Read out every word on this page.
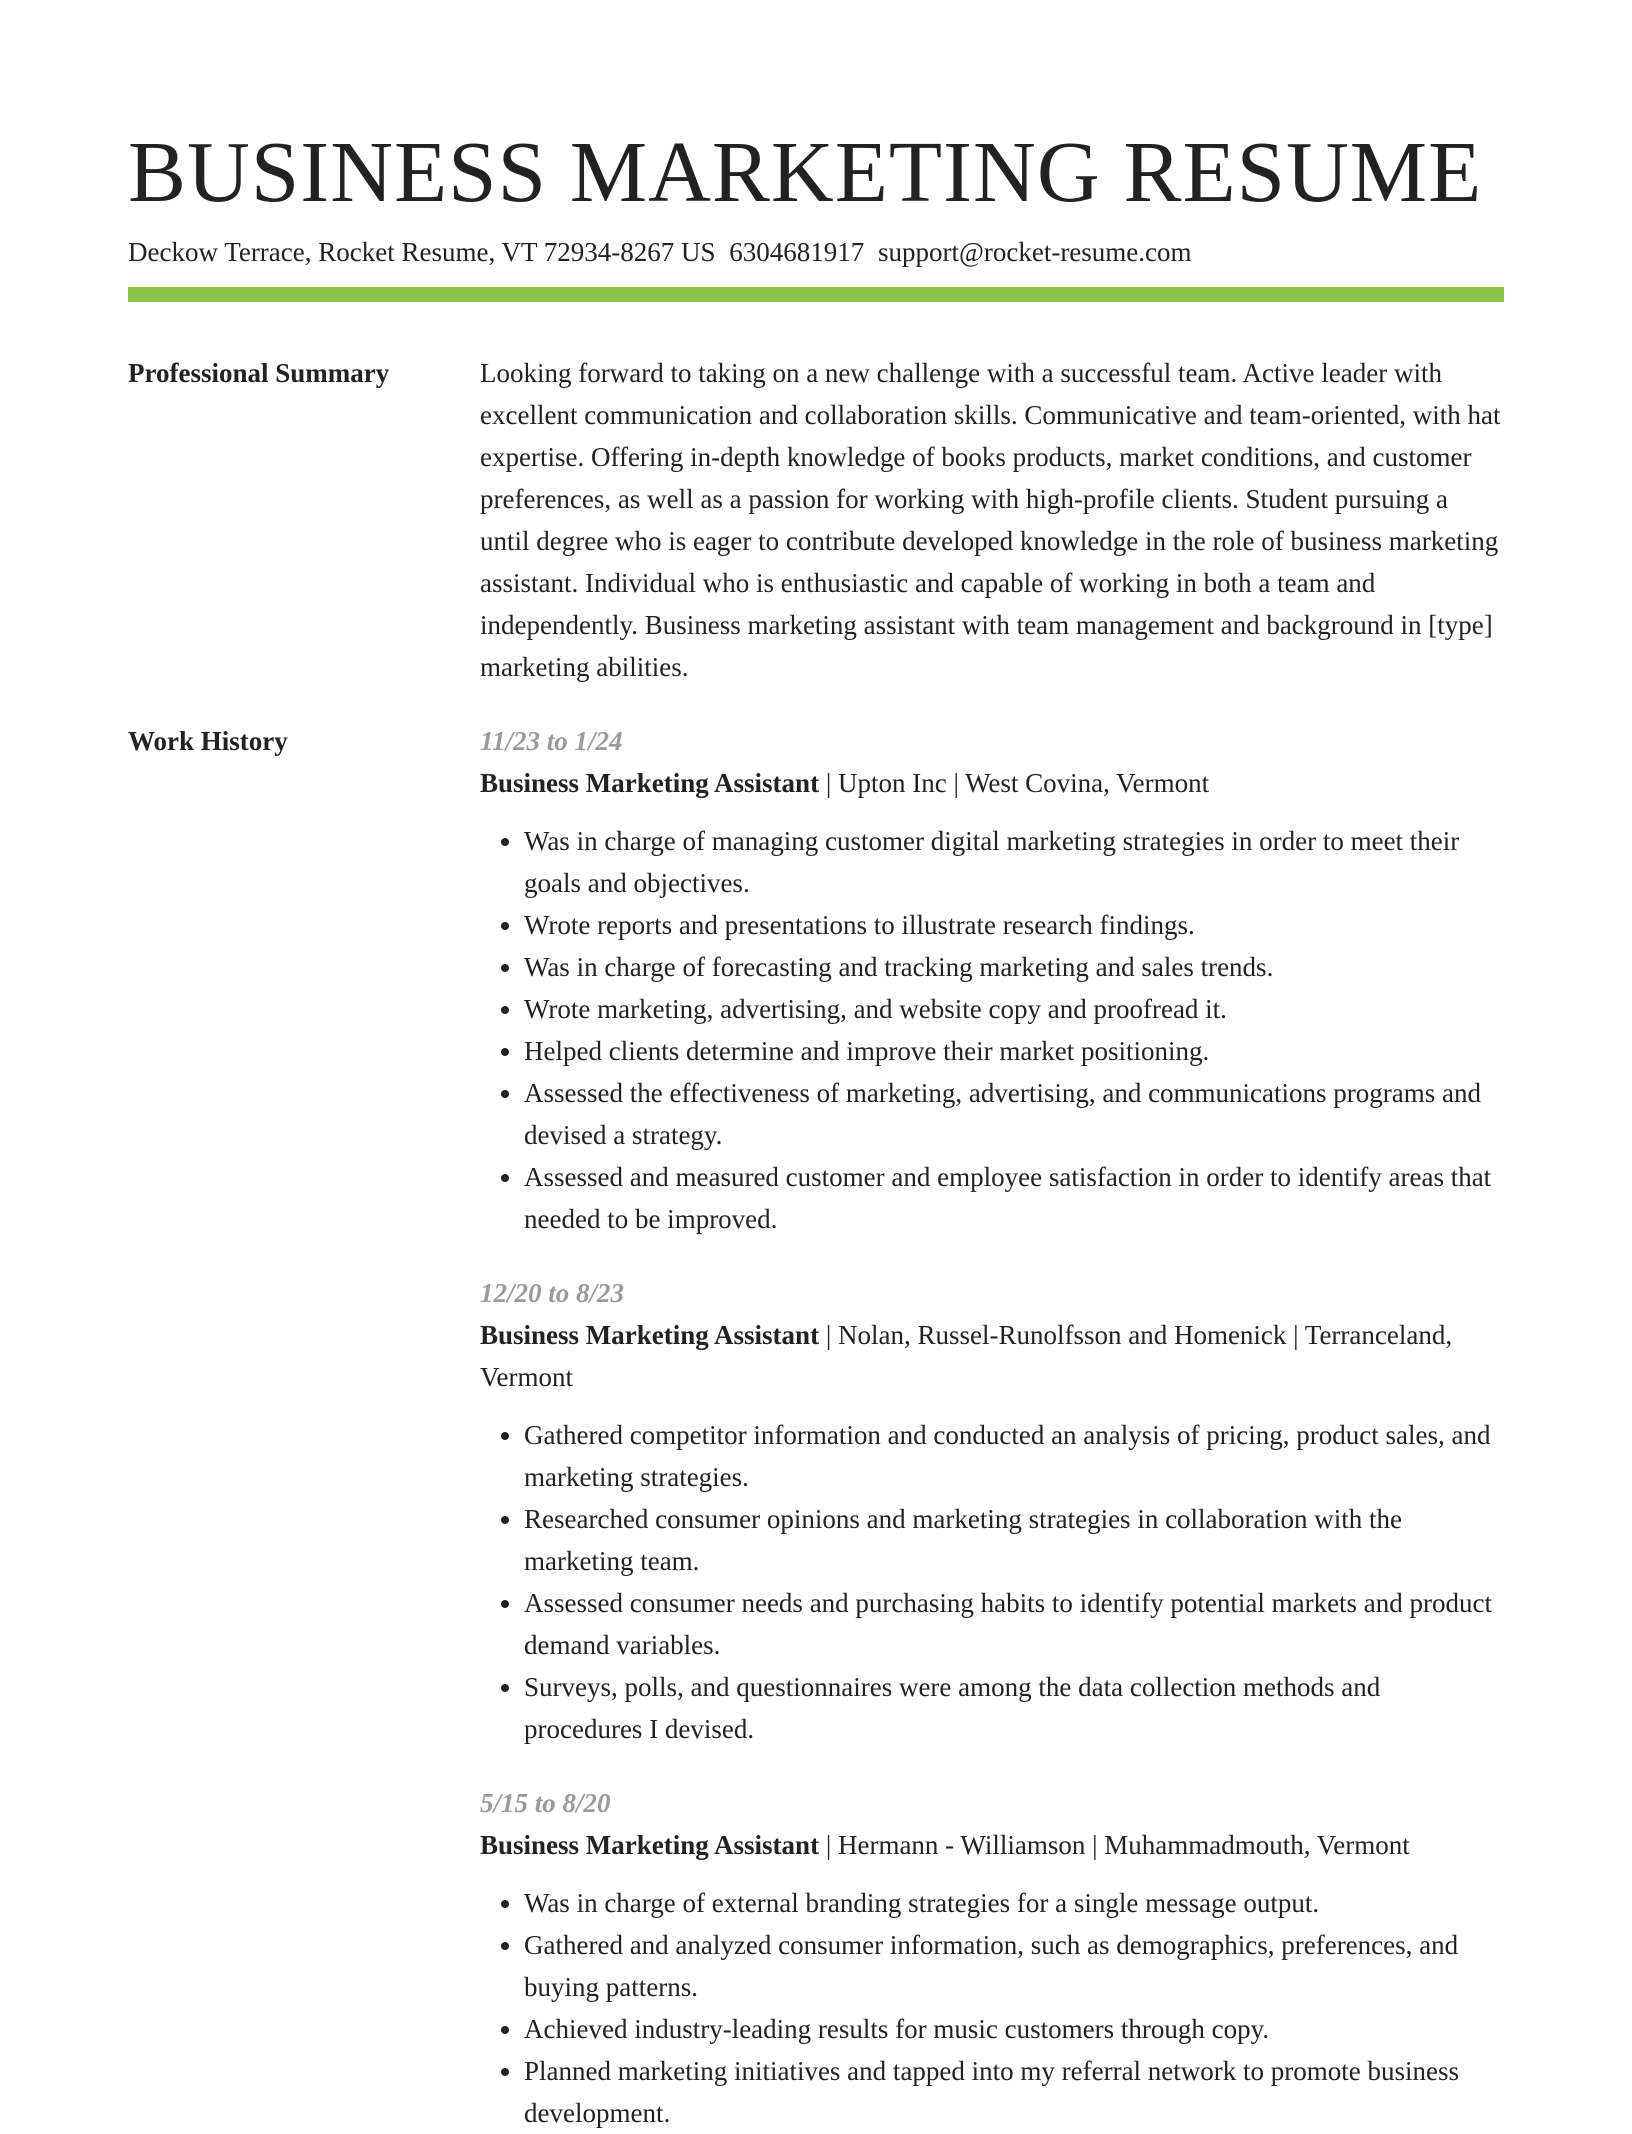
BUSINESS MARKETING RESUME
Deckow Terrace, Rocket Resume, VT 72934-8267 US 6304681917 support@rocket-resume.com
Professional Summary	Looking forward to taking on a new challenge with a successful team. Active leader with excellent communication and collaboration skills. Communicative and team-oriented, with hat expertise. Offering in-depth knowledge of books products, market conditions, and customer preferences, as well as a passion for working with high-profile clients. Student pursuing a until degree who is eager to contribute developed knowledge in the role of business marketing assistant. Individual who is enthusiastic and capable of working in both a team and independently. Business marketing assistant with team management and background in [type] marketing abilities.
Work History	11/23 to 1/24
Business Marketing Assistant | Upton Inc | West Covina, Vermont
• Was in charge of managing customer digital marketing strategies in order to meet their goals and objectives.
• Wrote reports and presentations to illustrate research findings.
• Was in charge of forecasting and tracking marketing and sales trends.
• Wrote marketing, advertising, and website copy and proofread it.
• Helped clients determine and improve their market positioning.
• Assessed the effectiveness of marketing, advertising, and communications programs and devised a strategy.
• Assessed and measured customer and employee satisfaction in order to identify areas that needed to be improved.
12/20 to 8/23
Business Marketing Assistant | Nolan, Russel-Runolfsson and Homenick | Terranceland, Vermont
• Gathered competitor information and conducted an analysis of pricing, product sales, and marketing strategies.
• Researched consumer opinions and marketing strategies in collaboration with the marketing team.
• Assessed consumer needs and purchasing habits to identify potential markets and product demand variables.
• Surveys, polls, and questionnaires were among the data collection methods and procedures I devised.
5/15 to 8/20
Business Marketing Assistant | Hermann - Williamson | Muhammadmouth, Vermont
• Was in charge of external branding strategies for a single message output.
• Gathered and analyzed consumer information, such as demographics, preferences, and buying patterns.
• Achieved industry-leading results for music customers through copy.
• Planned marketing initiatives and tapped into my referral network to promote business development.
